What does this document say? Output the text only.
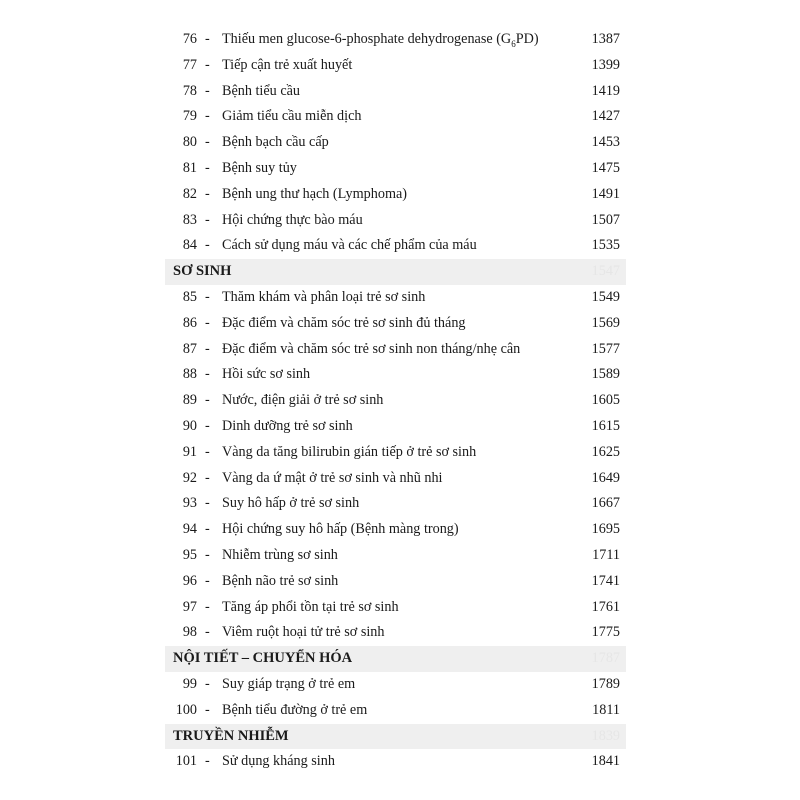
76 - Thiếu men glucose-6-phosphate dehydrogenase $(G_6PD)$	1387
77 - Tiếp cận trẻ xuất huyết	1399
78 - Bệnh tiểu cầu	1419
79 - Giảm tiểu cầu miễn dịch	1427
80 - Bệnh bạch cầu cấp	1453
81 - Bệnh suy tủy	1475
82 - Bệnh ung thư hạch (Lymphoma)	1491
83 - Hội chứng thực bào máu	1507
84 - Cách sử dụng máu và các chế phẩm của máu	1535
SƠ SINH	1547
85 - Thăm khám và phân loại trẻ sơ sinh	1549
86 - Đặc điểm và chăm sóc trẻ sơ sinh đủ tháng	1569
87 - Đặc điểm và chăm sóc trẻ sơ sinh non tháng/nhẹ cân	1577
88 - Hồi sức sơ sinh	1589
89 - Nước, điện giải ở trẻ sơ sinh	1605
90 - Dinh dưỡng trẻ sơ sinh	1615
91 - Vàng da tăng bilirubin gián tiếp ở trẻ sơ sinh	1625
92 - Vàng da ứ mật ở trẻ sơ sinh và nhũ nhi	1649
93 - Suy hô hấp ở trẻ sơ sinh	1667
94 - Hội chứng suy hô hấp (Bệnh màng trong)	1695
95 - Nhiễm trùng sơ sinh	1711
96 - Bệnh não trẻ sơ sinh	1741
97 - Tăng áp phổi tồn tại trẻ sơ sinh	1761
98 - Viêm ruột hoại tử trẻ sơ sinh	1775
NỘI TIẾT – CHUYỂN HÓA	1787
99 - Suy giáp trạng ở trẻ em	1789
100 - Bệnh tiểu đường ở trẻ em	1811
TRUYỀN NHIỄM	1839
101 - Sử dụng kháng sinh	1841
